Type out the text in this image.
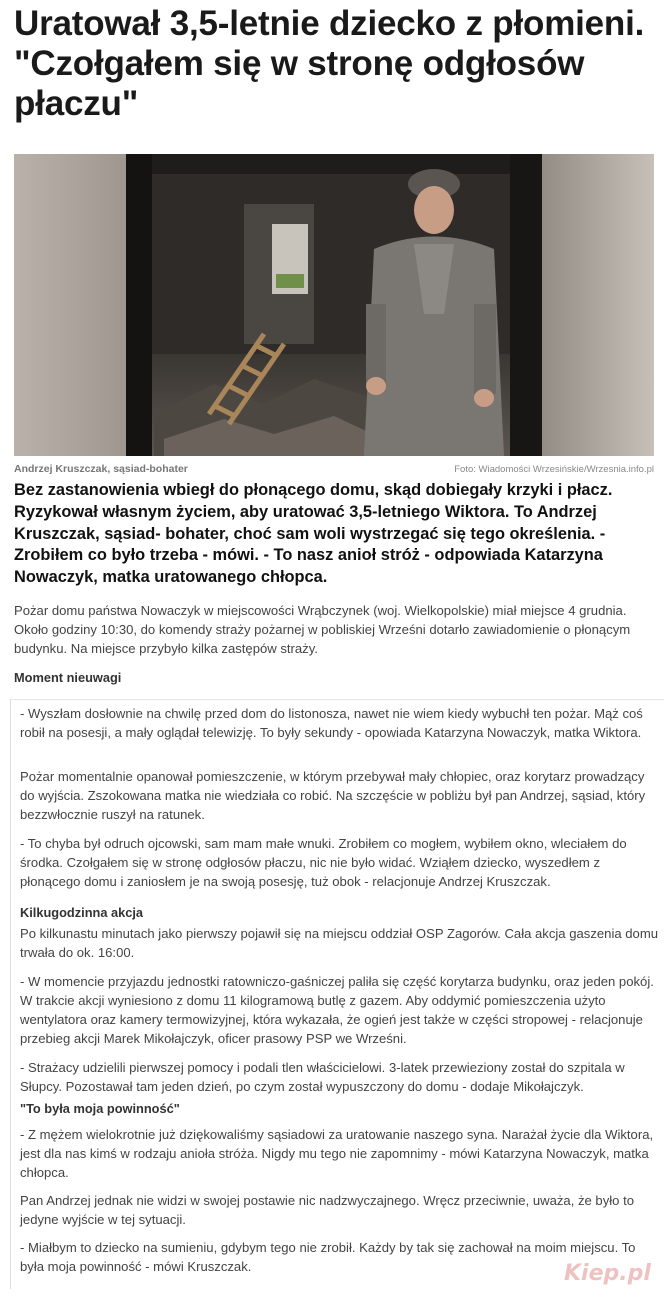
Uratował 3,5-letnie dziecko z płomieni. "Czołgałem się w stronę odgłosów płaczu"
Andrzej Kruszczak, sąsiad-bohater	Foto: Wiadomości Wrzesińskie/Wrzesnia.info.pl

Bez zastanowienia wbiegł do płonącego domu, skąd dobiegały krzyki i płacz. Ryzykował własnym życiem, aby uratować 3,5-letniego Wiktora. To Andrzej Kruszczak, sąsiad- bohater, choć sam woli wystrzegać się tego określenia. - Zrobiłem co było trzeba - mówi. - To nasz anioł stróż - odpowiada Katarzyna Nowaczyk, matka uratowanego chłopca.

Pożar domu państwa Nowaczyk w miejscowości Wrąbczynek (woj. Wielkopolskie) miał miejsce 4 grudnia. Około godziny 10:30, do komendy straży pożarnej w pobliskiej Wrześni dotarło zawiadomienie o płonącym budynku. Na miejsce przybyło kilka zastępów straży.

Moment nieuwagi

- Wyszłam dosłownie na chwilę przed dom do listonosza, nawet nie wiem kiedy wybuchł ten pożar. Mąż coś robił na posesji, a mały oglądał telewizję. To były sekundy - opowiada Katarzyna Nowaczyk, matka Wiktora.

Pożar momentalnie opanował pomieszczenie, w którym przebywał mały chłopiec, oraz korytarz prowadzący do wyjścia. Zszokowana matka nie wiedziała co robić. Na szczęście w pobliżu był pan Andrzej, sąsiad, który bezzwłocznie ruszył na ratunek.

- To chyba był odruch ojcowski, sam mam małe wnuki. Zrobiłem co mogłem, wybiłem okno, wleciałem do środka. Czołgałem się w stronę odgłosów płaczu, nic nie było widać. Wziąłem dziecko, wyszedłem z płonącego domu i zaniosłem je na swoją posesję, tuż obok - relacjonuje Andrzej Kruszczak.

Kilkugodzinna akcja

Po kilkunastu minutach jako pierwszy pojawił się na miejscu oddział OSP Zagorów. Cała akcja gaszenia domu trwała do ok. 16:00.

- W momencie przyjazdu jednostki ratowniczo-gaśniczej paliła się część korytarza budynku, oraz jeden pokój. W trakcie akcji wyniesiono z domu 11 kilogramową butlę z gazem. Aby oddymić pomieszczenia użyto wentylatora oraz kamery termowizyjnej, która wykazała, że ogień jest także w części stropowej - relacjonuje przebieg akcji Marek Mikołajczyk, oficer prasowy PSP we Wrześni.

- Strażacy udzielili pierwszej pomocy i podali tlen właścicielowi. 3-latek przewieziony został do szpitala w Słupcy. Pozostawał tam jeden dzień, po czym został wypuszczony do domu - dodaje Mikołajczyk.

"To była moja powinność"

- Z mężem wielokrotnie już dziękowaliśmy sąsiadowi za uratowanie naszego syna. Narażał życie dla Wiktora, jest dla nas kimś w rodzaju anioła stróża. Nigdy mu tego nie zapomnimy - mówi Katarzyna Nowaczyk, matka chłopca.

Pan Andrzej jednak nie widzi w swojej postawie nic nadzwyczajnego. Wręcz przeciwnie, uważa, że było to jedyne wyjście w tej sytuacji.

- Miałbym to dziecko na sumieniu, gdybym tego nie zrobił. Każdy by tak się zachował na moim miejscu. To była moja powinność - mówi Kruszczak.	Kiep.pl
